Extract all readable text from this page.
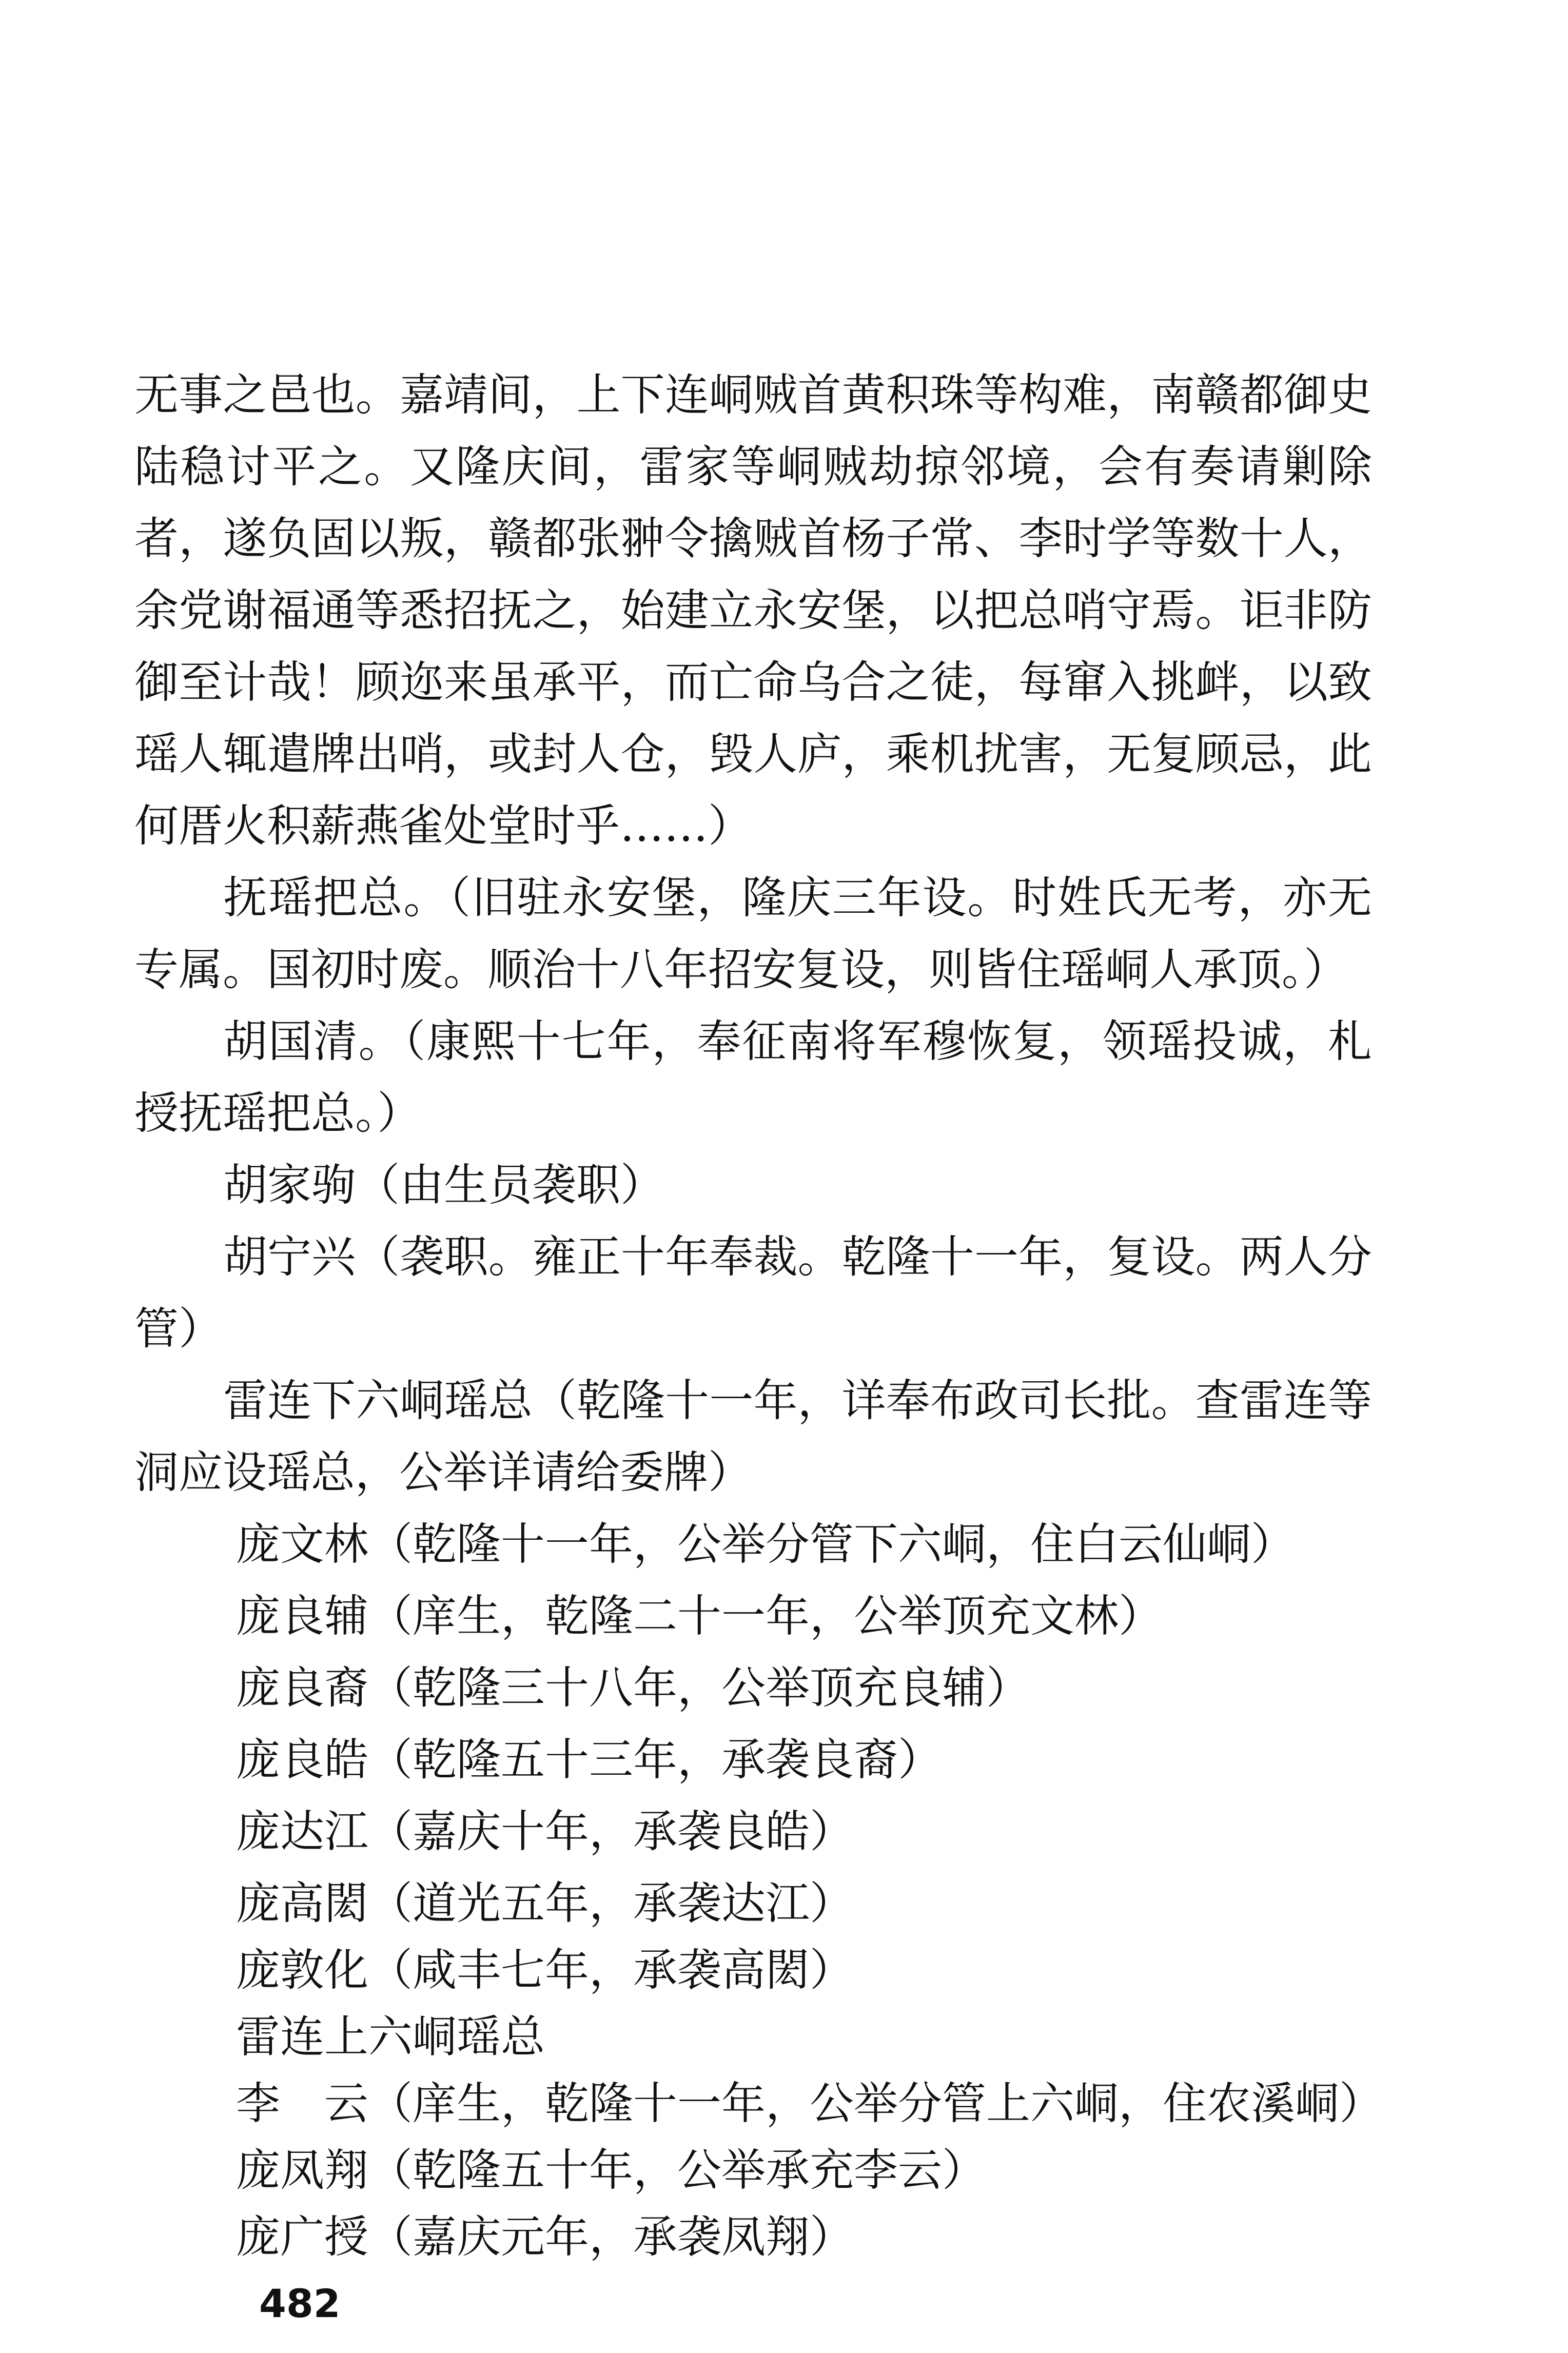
无事之邑也。嘉靖间，上下连峒贼首黄积珠等构难，南赣都御史
陆稳讨平之。又隆庆间，雷家等峒贼劫掠邻境，会有奏请剿除
者，遂负固以叛，赣都张翀令擒贼首杨子常、李时学等数十人，
余党谢福通等悉招抚之，始建立永安堡，以把总哨守焉。讵非防
御至计哉！顾迩来虽承平，而亡命乌合之徒，每窜入挑衅，以致
瑶人辄遣牌出哨，或封人仓，毁人庐，乘机扰害，无复顾忌，此
何厝火积薪燕雀处堂时乎……）
抚瑶把总。（旧驻永安堡，隆庆三年设。时姓氏无考，亦无
专属。国初时废。顺治十八年招安复设，则皆住瑶峒人承顶。）
胡国清。（康熙十七年，奉征南将军穆恢复，领瑶投诚，札
授抚瑶把总。）
胡家驹（由生员袭职）
胡宁兴（袭职。雍正十年奉裁。乾隆十一年，复设。两人分
管）
雷连下六峒瑶总（乾隆十一年，详奉布政司长批。查雷连等
洞应设瑶总，公举详请给委牌）
庞文林（乾隆十一年，公举分管下六峒，住白云仙峒）
庞良辅（庠生，乾隆二十一年，公举顶充文林）
庞良裔（乾隆三十八年，公举顶充良辅）
庞良皓（乾隆五十三年，承袭良裔）
庞达江（嘉庆十年，承袭良皓）
庞高閎（道光五年，承袭达江）
庞敦化（咸丰七年，承袭高閎）
雷连上六峒瑶总
李　云（庠生，乾隆十一年，公举分管上六峒，住农溪峒）
庞凤翔（乾隆五十年，公举承充李云）
庞广授（嘉庆元年，承袭凤翔）
482
